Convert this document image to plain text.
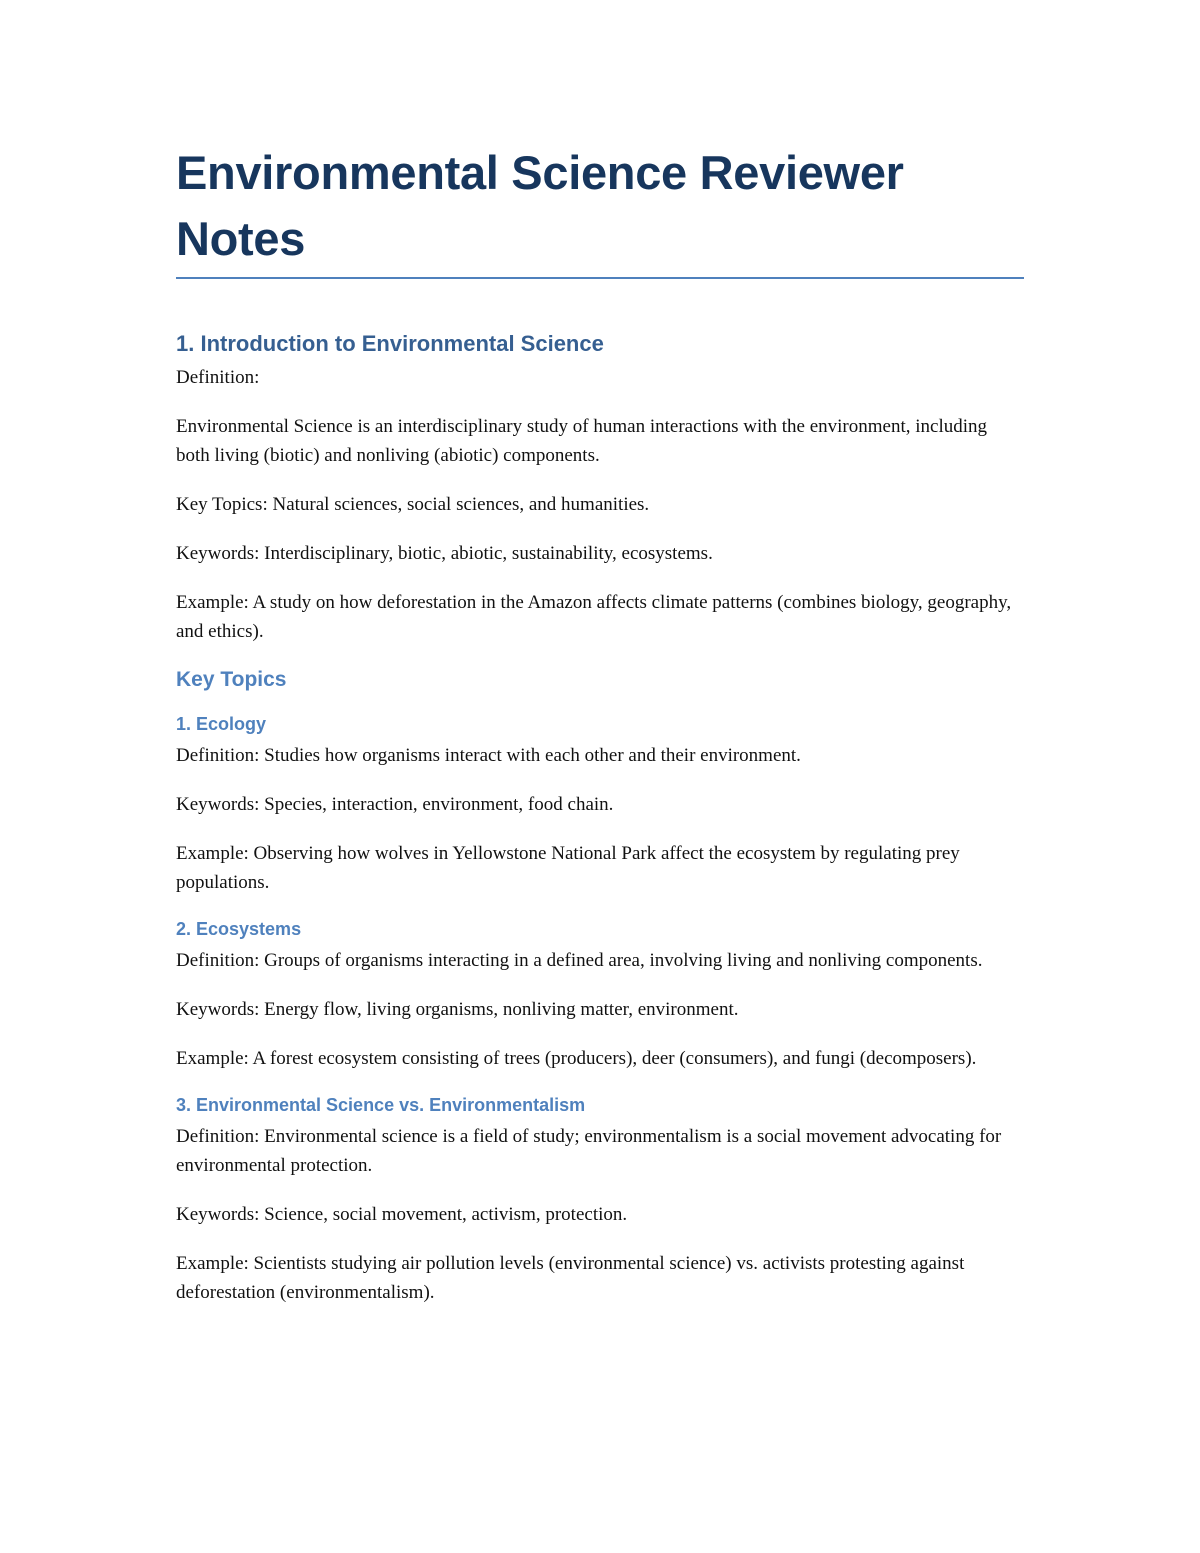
Environmental Science Reviewer Notes
1. Introduction to Environmental Science

Definition:

Environmental Science is an interdisciplinary study of human interactions with the environment, including both living (biotic) and nonliving (abiotic) components.

Key Topics: Natural sciences, social sciences, and humanities.

Keywords: Interdisciplinary, biotic, abiotic, sustainability, ecosystems.

Example: A study on how deforestation in the Amazon affects climate patterns (combines biology, geography, and ethics).

Key Topics
1. Ecology

Definition: Studies how organisms interact with each other and their environment.

Keywords: Species, interaction, environment, food chain.

Example: Observing how wolves in Yellowstone National Park affect the ecosystem by regulating prey populations.

2. Ecosystems

Definition: Groups of organisms interacting in a defined area, involving living and nonliving components.

Keywords: Energy flow, living organisms, nonliving matter, environment.

Example: A forest ecosystem consisting of trees (producers), deer (consumers), and fungi (decomposers).

3. Environmental Science vs. Environmentalism

Definition: Environmental science is a field of study; environmentalism is a social movement advocating for environmental protection.

Keywords: Science, social movement, activism, protection.

Example: Scientists studying air pollution levels (environmental science) vs. activists protesting against deforestation (environmentalism).
